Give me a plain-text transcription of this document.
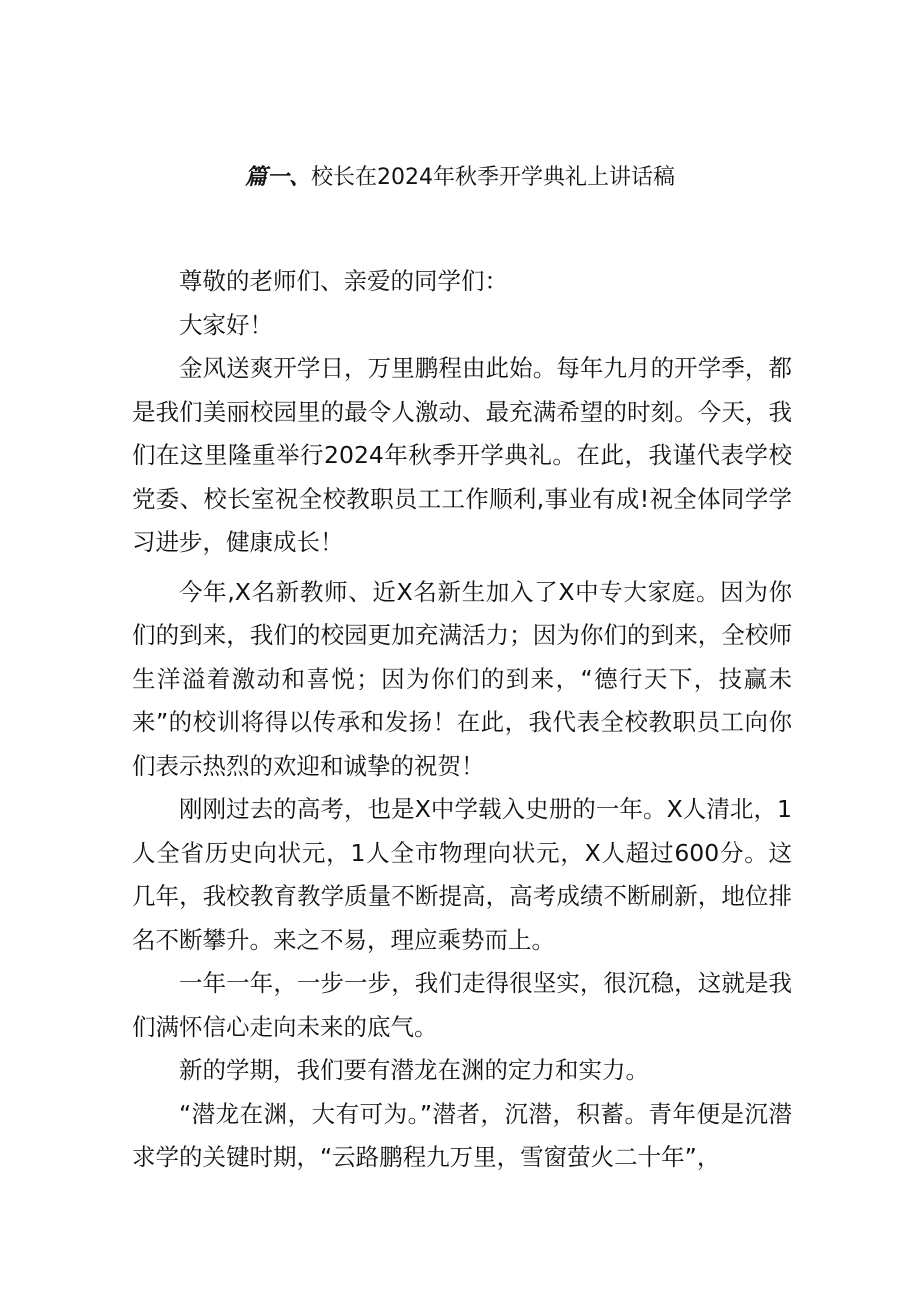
篇一、校长在2024年秋季开学典礼上讲话稿

尊敬的老师们、亲爱的同学们：

大家好！

金风送爽开学日，万里鹏程由此始。每年九月的开学季，都是我们美丽校园里的最令人激动、最充满希望的时刻。今天，我们在这里隆重举行2024年秋季开学典礼。在此，我谨代表学校党委、校长室祝全校教职员工工作顺利,事业有成!祝全体同学学习进步，健康成长！

今年,X名新教师、近X名新生加入了X中专大家庭。因为你们的到来，我们的校园更加充满活力；因为你们的到来，全校师生洋溢着激动和喜悦；因为你们的到来，“德行天下，技赢未来”的校训将得以传承和发扬！在此，我代表全校教职员工向你们表示热烈的欢迎和诚挚的祝贺！

刚刚过去的高考，也是X中学载入史册的一年。X人清北，1人全省历史向状元，1人全市物理向状元，X人超过600分。这几年，我校教育教学质量不断提高，高考成绩不断刷新，地位排名不断攀升。来之不易，理应乘势而上。

一年一年，一步一步，我们走得很坚实，很沉稳，这就是我们满怀信心走向未来的底气。

新的学期，我们要有潜龙在渊的定力和实力。

“潜龙在渊，大有可为。”潜者，沉潜，积蓄。青年便是沉潜求学的关键时期，“云路鹏程九万里，雪窗萤火二十年”，
